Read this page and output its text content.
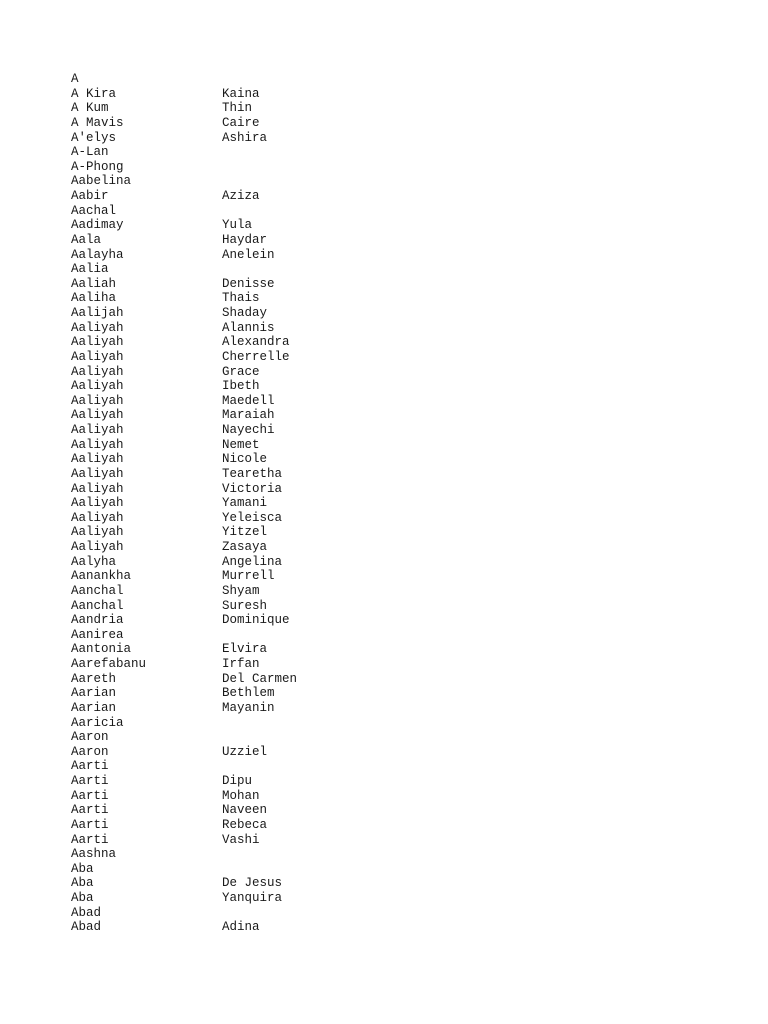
A
A Kira	Kaina
A Kum	Thin
A Mavis	Caire
A'elys	Ashira
A-Lan
A-Phong
Aabelina
Aabir	Aziza
Aachal
Aadimay	Yula
Aala	Haydar
Aalayha	Anelein
Aalia
Aaliah	Denisse
Aaliha	Thais
Aalijah	Shaday
Aaliyah	Alannis
Aaliyah	Alexandra
Aaliyah	Cherrelle
Aaliyah	Grace
Aaliyah	Ibeth
Aaliyah	Maedell
Aaliyah	Maraiah
Aaliyah	Nayechi
Aaliyah	Nemet
Aaliyah	Nicole
Aaliyah	Tearetha
Aaliyah	Victoria
Aaliyah	Yamani
Aaliyah	Yeleisca
Aaliyah	Yitzel
Aaliyah	Zasaya
Aalyha	Angelina
Aanankha	Murrell
Aanchal	Shyam
Aanchal	Suresh
Aandria	Dominique
Aanirea
Aantonia	Elvira
Aarefabanu	Irfan
Aareth	Del Carmen
Aarian	Bethlem
Aarian	Mayanin
Aaricia
Aaron
Aaron	Uzziel
Aarti
Aarti	Dipu
Aarti	Mohan
Aarti	Naveen
Aarti	Rebeca
Aarti	Vashi
Aashna
Aba
Aba	De Jesus
Aba	Yanquira
Abad
Abad	Adina
